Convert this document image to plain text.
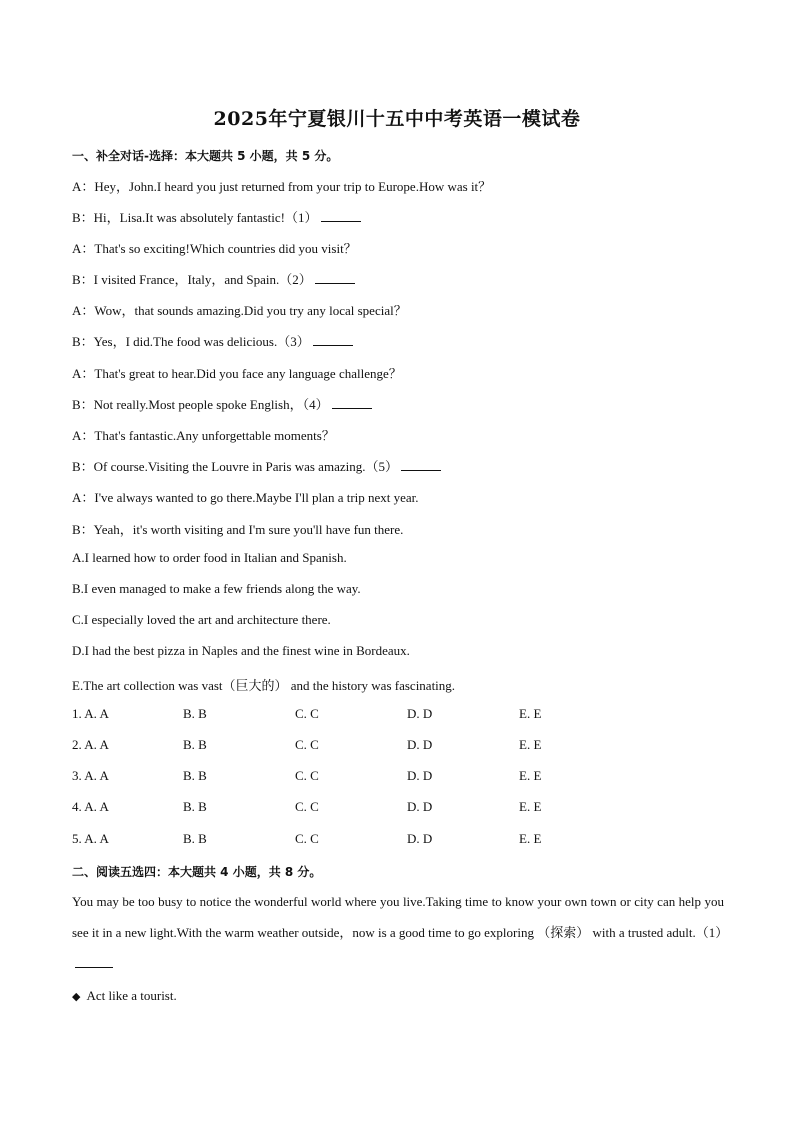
2025年宁夏银川十五中中考英语一模试卷
一、补全对话-选择：本大题共 5 小题，共 5 分。
A：Hey，John.I heard you just returned from your trip to Europe.How was it？
B：Hi，Lisa.It was absolutely fantastic!（1）
A：That's so exciting!Which countries did you visit？
B：I visited France，Italy，and Spain.（2）
A：Wow，that sounds amazing.Did you try any local special？
B：Yes，I did.The food was delicious.（3）
A：That's great to hear.Did you face any language challenge？
B：Not really.Most people spoke English，（4）
A：That's fantastic.Any unforgettable moments？
B：Of course.Visiting the Louvre in Paris was amazing.（5）
A：I've always wanted to go there.Maybe I'll plan a trip next year.
B：Yeah，it's worth visiting and I'm sure you'll have fun there.
A.I learned how to order food in Italian and Spanish.
B.I even managed to make a few friends along the way.
C.I especially loved the art and architecture there.
D.I had the best pizza in Naples and the finest wine in Bordeaux.
E.The art collection was vast（巨大的） and the history was fascinating.
1. A. A	B. B	C. C	D. D	E. E
2. A. A	B. B	C. C	D. D	E. E
3. A. A	B. B	C. C	D. D	E. E
4. A. A	B. B	C. C	D. D	E. E
5. A. A	B. B	C. C	D. D	E. E
二、阅读五选四：本大题共 4 小题，共 8 分。
You may be too busy to notice the wonderful world where you live.Taking time to know your own town or city can help you see it in a new light.With the warm weather outside，now is a good time to go exploring （探索） with a trusted adult.（1）
◆ Act like a tourist.
